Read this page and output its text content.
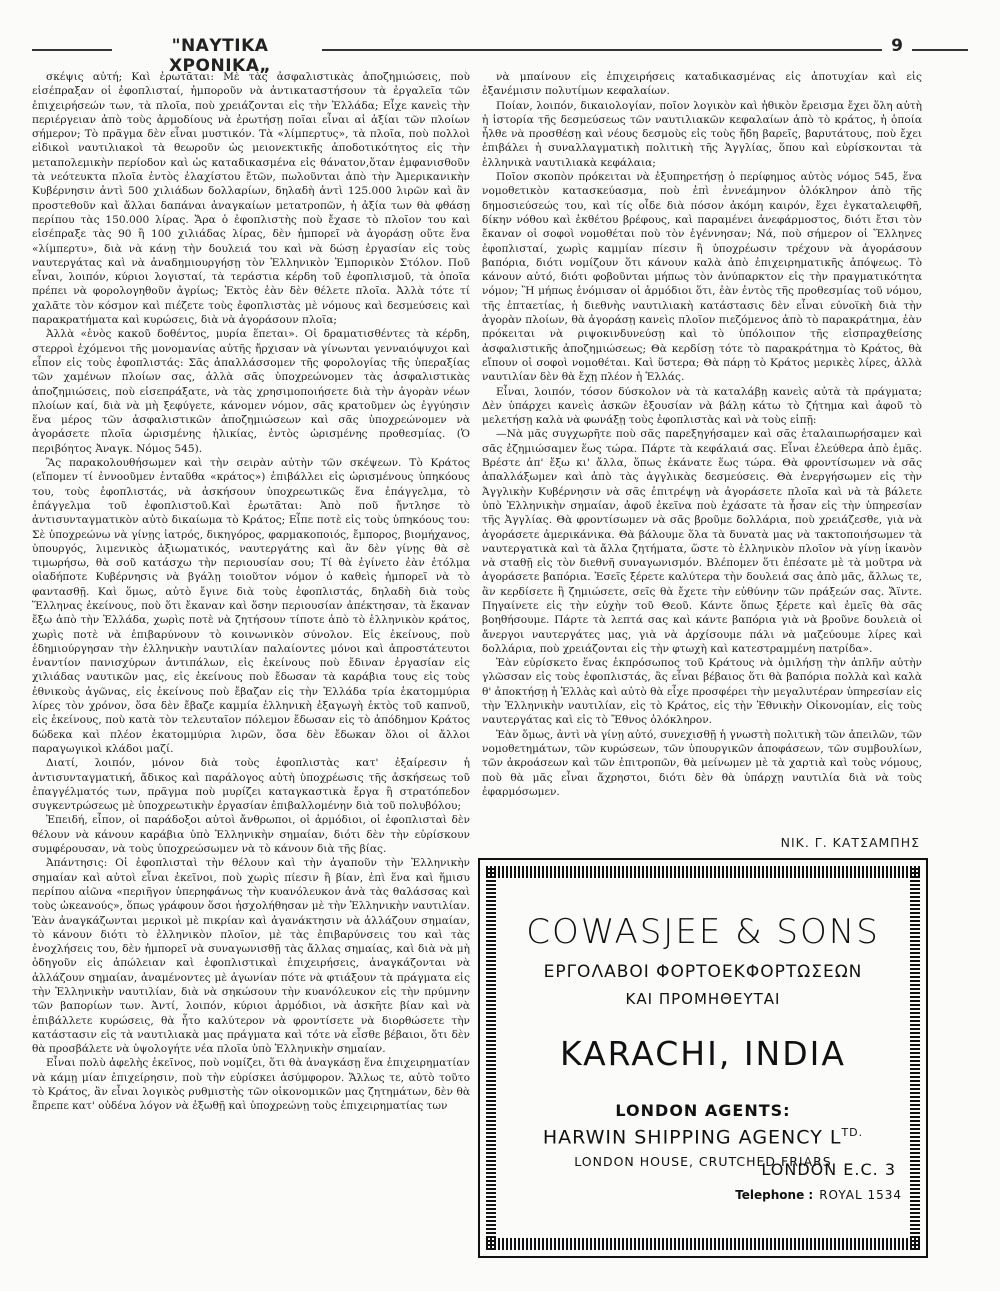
"ΝΑΥΤΙΚΑ ΧΡΟΝΙΚΑ„
9

σκέψις αὐτή; Καὶ ἐρωτᾶται: Μὲ τὰς ἀσφαλιστικὰς ἀποζημιώσεις, ποὺ εἰσέπραξαν οἱ ἐφοπλισταί, ἠμποροῦν νὰ ἀντικαταστήσουν τὰ ἐργαλεῖα τῶν ἐπιχειρήσεών των, τὰ πλοῖα, ποὺ χρειάζονται εἰς τὴν Ἑλλάδα; Εἶχε κανεὶς τὴν περιέργειαν ἀπὸ τοὺς ἁρμοδίους νὰ ἐρωτήσῃ ποῖαι εἶναι αἱ ἀξίαι τῶν πλοίων σήμερον; Τὸ πρᾶγμα δὲν εἶναι μυστικόν. Τὰ «λίμπερτυς», τὰ πλοῖα, ποὺ πολλοὶ εἰδικοὶ ναυτιλιακοὶ τὰ θεωροῦν ὡς μειονεκτικῆς ἀποδοτικότητος εἰς τὴν μεταπολεμικὴν περίοδον καὶ ὡς καταδικασμένα εἰς θάνατον,ὅταν ἐμφανισθοῦν τὰ νεότευκτα πλοῖα ἐντὸς ἐλαχίστου ἔτῶν, πωλοῦνται ἀπὸ τὴν Ἀμερικανικὴν Κυβέρνησιν ἀντὶ 500 χιλιάδων δολλαρίων, δηλαδὴ ἀντὶ 125.000 λιρῶν καὶ ἂν προστεθοῦν καὶ ἄλλαι δαπάναι ἀναγκαίων μετατροπῶν, ἡ ἀξία των θὰ φθάσῃ περίπου τὰς 150.000 λίρας. Ἄρα ὁ ἐφοπλιστὴς ποὺ ἔχασε τὸ πλοῖον του καὶ εἰσέπραξε τὰς 90 ἢ 100 χιλιάδας λίρας, δὲν ἠμπορεῖ νὰ ἀγοράσῃ οὔτε ἕνα «λίμπερτυ», διὰ νὰ κάνῃ τὴν δουλειά του καὶ νὰ δώσῃ ἐργασίαν εἰς τοὺς ναυτεργάτας καὶ νὰ ἀναδημιουργήσῃ τὸν Ἑλληνικὸν Ἐμπορικὸν Στόλον. Ποῦ εἶναι, λοιπόν, κύριοι λογισταί, τὰ τεράστια κέρδη τοῦ ἐφοπλισμοῦ, τὰ ὁποῖα πρέπει νὰ φορολογηθοῦν ἀγρίως; Ἐκτὸς ἐὰν δὲν θέλετε πλοῖα. Ἀλλὰ τότε τί χαλᾶτε τὸν κόσμον καὶ πιέζετε τοὺς ἐφοπλιστὰς μὲ νόμους καὶ δεσμεύσεις καὶ παρακρατήματα καὶ κυρώσεις, διὰ νὰ ἀγοράσουν πλοῖα;

Ἀλλὰ «ἑνὸς κακοῦ δοθέντος, μυρία ἕπεται». Οἱ δραματισθέντες τὰ κέρδη, στερροὶ ἐχόμενοι τῆς μονομανίας αὐτῆς ἤρχισαν νὰ γίνωνται γενναιόψυχοι καὶ εἶπον εἰς τοὺς ἐφοπλιστάς: Σᾶς ἀπαλλάσσομεν τῆς φορολογίας τῆς ὑπεραξίας τῶν χαμένων πλοίων σας, ἀλλὰ σᾶς ὑποχρεώνομεν τὰς ἀσφαλιστικὰς ἀποζημιώσεις, ποὺ εἰσεπράξατε, νὰ τὰς χρησιμοποιήσετε διὰ τὴν ἀγορὰν νέων πλοίων καί, διὰ νὰ μὴ ξεφύγετε, κάνομεν νόμον, σᾶς κρατοῦμεν ὡς ἐγγύησιν ἕνα μέρος τῶν ἀσφαλιστικῶν ἀποζημιώσεων καὶ σᾶς ὑποχρεώνομεν νὰ ἀγοράσετε πλοῖα ὡρισμένης ἡλικίας, ἐντὸς ὡρισμένης προθεσμίας. (Ὁ περιβόητος Ἀναγκ. Νόμος 545).

Ἂς παρακολουθήσωμεν καὶ τὴν σειρὰν αὐτὴν τῶν σκέψεων. Τὸ Κράτος (εἴπομεν τί ἐννοοῦμεν ἐνταῦθα «κράτος») ἐπιβάλλει εἰς ὡρισμένους ὑπηκόους του, τοὺς ἐφοπλιστάς, νὰ ἀσκήσουν ὑποχρεωτικῶς ἕνα ἐπάγγελμα, τὸ ἐπάγγελμα τοῦ ἐφοπλιστοῦ.Καὶ ἐρωτᾶται: Ἀπὸ ποῦ ἤντλησε τὸ ἀντισυνταγματικὸν αὐτὸ δικαίωμα τὸ Κράτος; Εἶπε ποτὲ εἰς τοὺς ὑπηκόους του: Σὲ ὑποχρεώνω νὰ γίνῃς ἰατρός, δικηγόρος, φαρμακοποιός, ἔμπορος, βιομήχανος, ὑπουργός, λιμενικὸς ἀξιωματικός, ναυτεργάτης καὶ ἂν δὲν γίνῃς θὰ σὲ τιμωρήσω, θὰ σοῦ κατάσχω τὴν περιουσίαν σου; Τί θὰ ἐγίνετο ἐὰν ἐτόλμα οἱαδήποτε Κυβέρνησις νὰ βγάλῃ τοιοῦτον νόμον ὁ καθεὶς ἠμπορεῖ νὰ τὸ φαντασθῇ. Καὶ ὅμως, αὐτὸ ἔγινε διὰ τοὺς ἐφοπλιστάς, δηλαδὴ διὰ τοὺς Ἕλληνας ἐκείνους, ποὺ ὅτι ἔκαναν καὶ ὅσην περιουσίαν ἀπέκτησαν, τὰ ἔκαναν ἔξω ἀπὸ τὴν Ἑλλάδα, χωρὶς ποτὲ νὰ ζητήσουν τίποτε ἀπὸ τὸ ἑλληνικὸν κράτος, χωρὶς ποτὲ νὰ ἐπιβαρύνουν τὸ κοινωνικὸν σύνολον. Εἰς ἐκείνους, ποὺ ἐδημιούργησαν τὴν ἑλληνικὴν ναυτιλίαν παλαίοντες μόνοι καὶ ἀπροστάτευτοι ἐναντίον πανισχύρων ἀντιπάλων, εἰς ἐκείνους ποὺ ἔδιναν ἐργασίαν εἰς χιλιάδας ναυτικῶν μας, εἰς ἐκείνους ποὺ ἔδωσαν τὰ καράβια τους εἰς τοὺς ἐθνικοὺς ἀγῶνας, εἰς ἐκείνους ποὺ ἔβαζαν εἰς τὴν Ἑλλάδα τρία ἑκατομμύρια λίρες τὸν χρόνον, ὅσα δὲν ἔβαζε καμμία ἑλληνικὴ ἐξαγωγὴ ἐκτὸς τοῦ καπνοῦ, εἰς ἐκείνους, ποὺ κατὰ τὸν τελευταῖον πόλεμον ἔδωσαν εἰς τὸ ἀπόδημον Κράτος δώδεκα καὶ πλέον ἑκατομμύρια λιρῶν, ὅσα δὲν ἔδωκαν ὅλοι οἱ ἄλλοι παραγωγικοὶ κλάδοι μαζί.

Διατί, λοιπόν, μόνον διὰ τοὺς ἐφοπλιστὰς κατ' ἐξαίρεσιν ἡ ἀντισυνταγματική, ἄδικος καὶ παράλογος αὐτὴ ὑποχρέωσις τῆς ἀσκήσεως τοῦ ἐπαγγέλματός των, πρᾶγμα ποὺ μυρίζει καταγκαστικὰ ἔργα ἢ στρατόπεδον συγκεντρώσεως μὲ ὑποχρεωτικὴν ἐργασίαν ἐπιβαλλομένην διὰ τοῦ πολυβόλου;

Ἐπειδή, εἶπον, οἱ παράδοξοι αὐτοὶ ἄνθρωποι, οἱ ἁρμόδιοι, οἱ ἐφοπλισταὶ δὲν θέλουν νὰ κάνουν καράβια ὑπὸ Ἑλληνικὴν σημαίαν, διότι δὲν τὴν εὑρίσκουν συμφέρουσαν, νὰ τοὺς ὑποχρεώσωμεν νὰ τὸ κάνουν διὰ τῆς βίας.

Ἀπάντησις: Οἱ ἐφοπλισταὶ τὴν θέλουν καὶ τὴν ἀγαποῦν τὴν Ἑλληνικὴν σημαίαν καὶ αὐτοὶ εἶναι ἐκεῖνοι, ποὺ χωρὶς πίεσιν ἢ βίαν, ἐπὶ ἕνα καὶ ἥμισυ περίπου αἰῶνα «περιῆγον ὑπερηφάνως τὴν κυανόλευκον ἀνὰ τὰς θαλάσσας καὶ τοὺς ὠκεανούς», ὅπως γράφουν ὅσοι ἠσχολήθησαν μὲ τὴν Ἑλληνικὴν ναυτιλίαν. Ἐὰν ἀναγκάζωνται μερικοὶ μὲ πικρίαν καὶ ἀγανάκτησιν νὰ ἀλλάζουν σημαίαν, τὸ κάνουν διότι τὸ ἑλληνικὸν πλοῖον, μὲ τὰς ἐπιβαρύνσεις του καὶ τὰς ἐνοχλήσεις του, δὲν ἠμπορεῖ νὰ συναγωνισθῇ τὰς ἄλλας σημαίας, καὶ διὰ νὰ μὴ ὁδηγοῦν εἰς ἀπώλειαν καὶ ἐφοπλιστικαὶ ἐπιχειρήσεις, ἀναγκάζονται νὰ ἀλλάζουν σημαίαν, ἀναμένοντες μὲ ἀγωνίαν πότε νὰ φτιάξουν τὰ πράγματα εἰς τὴν Ἑλληνικὴν ναυτιλίαν, διὰ νὰ σηκώσουν τὴν κυανόλευκον εἰς τὴν πρύμνην τῶν βαπορίων των. Ἀντί, λοιπόν, κύριοι ἁρμόδιοι, νὰ ἀσκῆτε βίαν καὶ νὰ ἐπιβάλλετε κυρώσεις, θὰ ἦτο καλύτερον νὰ φροντίσετε νὰ διορθώσετε τὴν κατάστασιν εἰς τὰ ναυτιλιακὰ μας πράγματα καὶ τότε νὰ εἶσθε βέβαιοι, ὅτι δὲν θὰ προσβάλετε νὰ ὑψολογήτε νέα πλοῖα ὑπὸ Ἑλληνικὴν σημαίαν.

Εἶναι πολὺ ἀφελὴς ἐκεῖνος, ποὺ νομίζει, ὅτι θὰ ἀναγκάσῃ ἕνα ἐπιχειρηματίαν νὰ κάμῃ μίαν ἐπιχείρησιν, ποὺ τὴν εὑρίσκει ἀσύμφορον. Ἄλλως τε, αὐτὸ τοῦτο τὸ Κράτος, ἂν εἶναι λογικὸς ρυθμιστὴς τῶν οἰκονομικῶν μας ζητημάτων, δὲν θὰ ἔπρεπε κατ' οὐδένα λόγον νὰ ἐξωθῇ καὶ ὑποχρεώνῃ τοὺς ἐπιχειρηματίας των

νὰ μπαίνουν εἰς ἐπιχειρήσεις καταδικασμένας εἰς ἀποτυχίαν καὶ εἰς ἐξανέμισιν πολυτίμων κεφαλαίων.

Ποίαν, λοιπόν, δικαιολογίαν, ποῖον λογικὸν καὶ ἠθικὸν ἔρεισμα ἔχει ὅλη αὐτὴ ἡ ἱστορία τῆς δεσμεύσεως τῶν ναυτιλιακῶν κεφαλαίων ἀπὸ τὸ κράτος, ἡ ὁποία ἦλθε νὰ προσθέσῃ καὶ νέους δεσμοὺς εἰς τοὺς ἤδη βαρεῖς, βαρυτάτους, ποὺ ἔχει ἐπιβάλει ἡ συναλλαγματικὴ πολιτικὴ τῆς Ἀγγλίας, ὅπου καὶ εὑρίσκονται τὰ ἑλληνικὰ ναυτιλιακὰ κεφάλαια;

Ποῖον σκοπὸν πρόκειται νὰ ἐξυπηρετήσῃ ὁ περίφημος αὐτὸς νόμος 545, ἕνα νομοθετικὸν κατασκεύασμα, ποὺ ἐπὶ ἐννεάμηνον ὁλόκληρον ἀπὸ τῆς δημοσιεύσεώς του, καὶ τίς οἶδε διὰ πόσον ἀκόμη καιρόν, ἔχει ἐγκαταλειφθῆ, δίκην νόθου καὶ ἐκθέτου βρέφους, καὶ παραμένει ἀνεφάρμοστος, διότι ἔτσι τὸν ἔκαναν οἱ σοφοὶ νομοθέται ποὺ τὸν ἐγέννησαν; Νά, ποὺ σήμερον οἱ Ἕλληνες ἐφοπλισταί, χωρὶς καμμίαν πίεσιν ἢ ὑποχρέωσιν τρέχουν νὰ ἀγοράσουν βαπόρια, διότι νομίζουν ὅτι κάνουν καλὰ ἀπὸ ἐπιχειρηματικῆς ἀπόψεως. Τὸ κάνουν αὐτό, διότι φοβοῦνται μήπως τὸν ἀνύπαρκτον εἰς τὴν πραγματικότητα νόμον; Ἢ μήπως ἐνόμισαν οἱ ἁρμόδιοι ὅτι, ἐὰν ἐντὸς τῆς προθεσμίας τοῦ νόμου, τῆς ἐπταετίας, ἡ διεθνὴς ναυτιλιακὴ κατάστασις δὲν εἶναι εὐνοϊκὴ διὰ τὴν ἀγορὰν πλοίων, θὰ ἀγοράσῃ κανεὶς πλοῖον πιεζόμενος ἀπὸ τὸ παρακράτημα, ἐὰν πρόκειται νὰ ριψοκινδυνεύσῃ καὶ τὸ ὑπόλοιπον τῆς εἰσπραχθείσης ἀσφαλιστικῆς ἀποζημιώσεως; Θὰ κερδίσῃ τότε τὸ παρακράτημα τὸ Κράτος, θὰ εἴπουν οἱ σοφοὶ νομοθέται. Καὶ ὕστερα; Θὰ πάρῃ τὸ Κράτος μερικὲς λίρες, ἀλλὰ ναυτιλίαν δὲν θὰ ἔχῃ πλέον ἡ Ἑλλάς.

Εἶναι, λοιπόν, τόσον δύσκολον νὰ τὰ καταλάβῃ κανεὶς αὐτὰ τὰ πράγματα; Δὲν ὑπάρχει κανεὶς ἀσκῶν ἐξουσίαν νὰ βάλῃ κάτω τὸ ζήτημα καὶ ἀφοῦ τὸ μελετήσῃ καλὰ νὰ φωνάξῃ τοὺς ἐφοπλιστὰς καὶ νὰ τοὺς εἰπῇ:

—Νὰ μᾶς συγχωρῆτε ποὺ σᾶς παρεξηγήσαμεν καὶ σᾶς ἐταλαιπωρήσαμεν καὶ σᾶς ἐζημιώσαμεν ἕως τώρα. Πάρτε τὰ κεφάλαιά σας. Εἶναι ἐλεύθερα ἀπὸ ἐμᾶς. Βρέστε ἀπ' ἔξω κι' ἄλλα, ὅπως ἐκάνατε ἕως τώρα. Θὰ φροντίσωμεν νὰ σᾶς ἀπαλλάξωμεν καὶ ἀπὸ τὰς ἀγγλικὰς δεσμεύσεις. Θὰ ἐνεργήσωμεν εἰς τὴν Ἀγγλικὴν Κυβέρνησιν νὰ σᾶς ἐπιτρέψῃ νὰ ἀγοράσετε πλοῖα καὶ νὰ τὰ βάλετε ὑπὸ Ἑλληνικὴν σημαίαν, ἀφοῦ ἐκεῖνα ποὺ ἐχάσατε τὰ ἦσαν εἰς τὴν ὑπηρεσίαν τῆς Ἀγγλίας. Θὰ φροντίσωμεν νὰ σᾶς βροῦμε δολλάρια, ποὺ χρειάζεσθε, γιὰ νὰ ἀγοράσετε ἀμερικάνικα. Θὰ βάλουμε ὅλα τὰ δυνατὰ μας νὰ τακτοποιήσωμεν τὰ ναυτεργατικὰ καὶ τὰ ἄλλα ζητήματα, ὥστε τὸ ἑλληνικὸν πλοῖον νὰ γίνῃ ἱκανὸν νὰ σταθῇ εἰς τὸν διεθνῆ συναγωνισμόν. Βλέπομεν ὅτι ἐπέσατε μὲ τὰ μοῦτρα νὰ ἀγοράσετε βαπόρια. Ἐσεῖς ξέρετε καλύτερα τὴν δουλειά σας ἀπὸ μᾶς, ἄλλως τε, ἂν κερδίσετε ἢ ζημιώσετε, σεῖς θὰ ἔχετε τὴν εὐθύνην τῶν πράξεών σας. Ἄϊντε. Πηγαίνετε εἰς τὴν εὐχὴν τοῦ Θεοῦ. Κάντε ὅπως ξέρετε καὶ ἐμεῖς θὰ σᾶς βοηθήσουμε. Πάρτε τὰ λεπτά σας καὶ κάντε βαπόρια γιὰ νὰ βροῦνε δουλειὰ οἱ ἄνεργοι ναυτεργάτες μας, γιὰ νὰ ἀρχίσουμε πάλι νὰ μαζεύουμε λίρες καὶ δολλάρια, ποὺ χρειάζονται εἰς τὴν φτωχὴ καὶ κατεστραμμένη πατρίδα».

Ἐὰν εὑρίσκετο ἕνας ἐκπρόσωπος τοῦ Κράτους νὰ ὁμιλήσῃ τὴν ἁπλῆν αὐτὴν γλῶσσαν εἰς τοὺς ἐφοπλιστάς, ἂς εἶναι βέβαιος ὅτι θὰ βαπόρια πολλὰ καὶ καλὰ θ' ἀποκτήσῃ ἡ Ἑλλὰς καὶ αὐτὸ θὰ εἶχε προσφέρει τὴν μεγαλυτέραν ὑπηρεσίαν εἰς τὴν Ἑλληνικὴν ναυτιλίαν, εἰς τὸ Κράτος, εἰς τὴν Ἐθνικὴν Οἰκονομίαν, εἰς τοὺς ναυτεργάτας καὶ εἰς τὸ Ἔθνος ὁλόκληρον.

Ἐὰν ὅμως, ἀντὶ νὰ γίνῃ αὐτό, συνεχισθῇ ἡ γνωστὴ πολιτικὴ τῶν ἀπειλῶν, τῶν νομοθετημάτων, τῶν κυρώσεων, τῶν ὑπουργικῶν ἀποφάσεων, τῶν συμβουλίων, τῶν ἀκροάσεων καὶ τῶν ἐπιτροπῶν, θὰ μείνωμεν μὲ τὰ χαρτιὰ καὶ τοὺς νόμους, ποὺ θὰ μᾶς εἶναι ἄχρηστοι, διότι δὲν θὰ ὑπάρχῃ ναυτιλία διὰ νὰ τοὺς ἐφαρμόσωμεν.

ΝΙΚ. Γ. ΚΑΤΣΑΜΠΗΣ
COWASJEE & SONS
ΕΡΓΟΛΑΒΟΙ ΦΟΡΤΟΕΚΦΟΡΤΩΣΕΩΝ
ΚΑΙ ΠΡΟΜΗΘΕΥΤΑΙ
KARACHI, INDIA
LONDON AGENTS:
HARWIN SHIPPING AGENCY $L^{TD.}$
LONDON HOUSE, CRUTCHED FRIARS
LONDON E.C. 3
Telephone : ROYAL 1534
